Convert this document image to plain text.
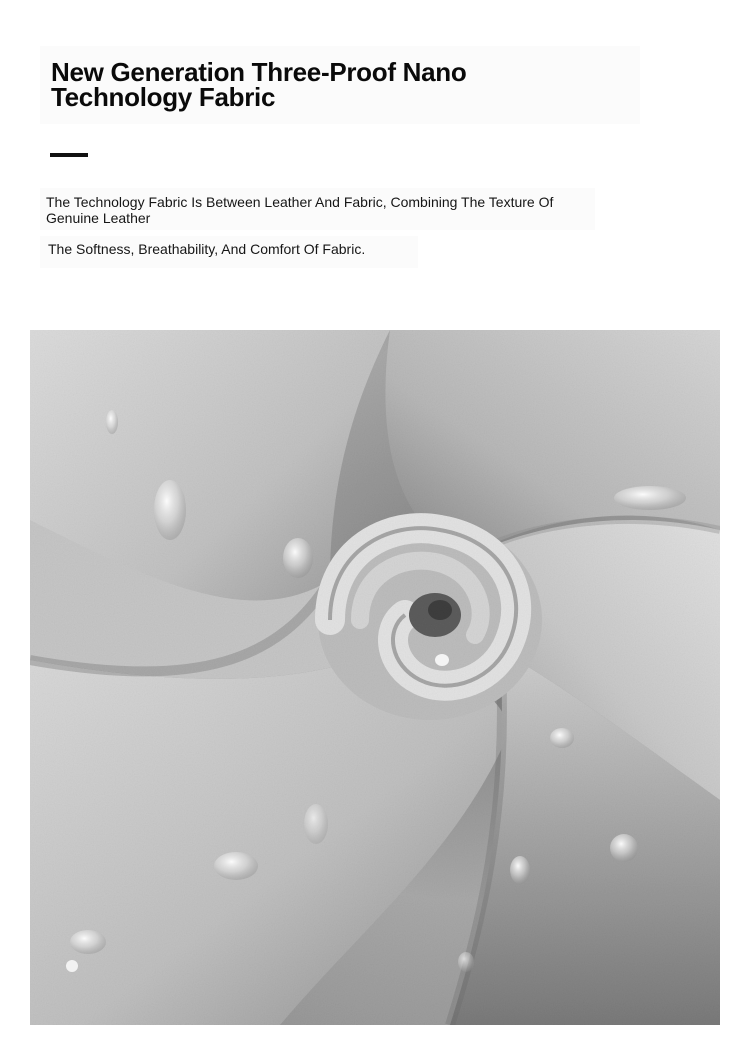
New Generation Three-Proof Nano
Technology Fabric

The Technology Fabric Is Between Leather And Fabric, Combining The Texture Of Genuine Leather

The Softness, Breathability, And Comfort Of Fabric.
